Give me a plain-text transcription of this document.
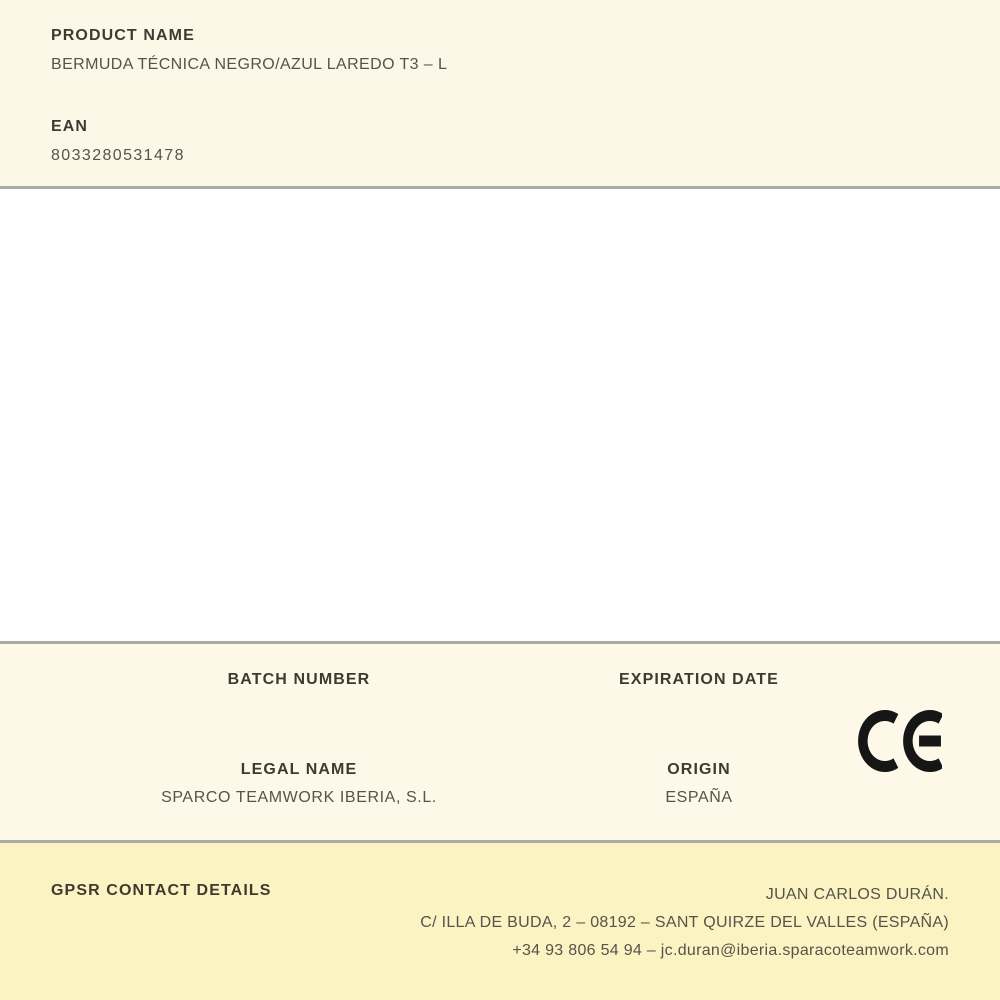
PRODUCT NAME
BERMUDA TÉCNICA NEGRO/AZUL LAREDO T3 – L
EAN
8033280531478
BATCH NUMBER
LEGAL NAME
SPARCO TEAMWORK IBERIA, S.L.
EXPIRATION DATE
ORIGIN
ESPAÑA
GPSR CONTACT DETAILS	JUAN CARLOS DURÁN.
C/ ILLA DE BUDA, 2 – 08192 – SANT QUIRZE DEL VALLES (ESPAÑA)
+34 93 806 54 94 – jc.duran@iberia.sparacoteamwork.com
